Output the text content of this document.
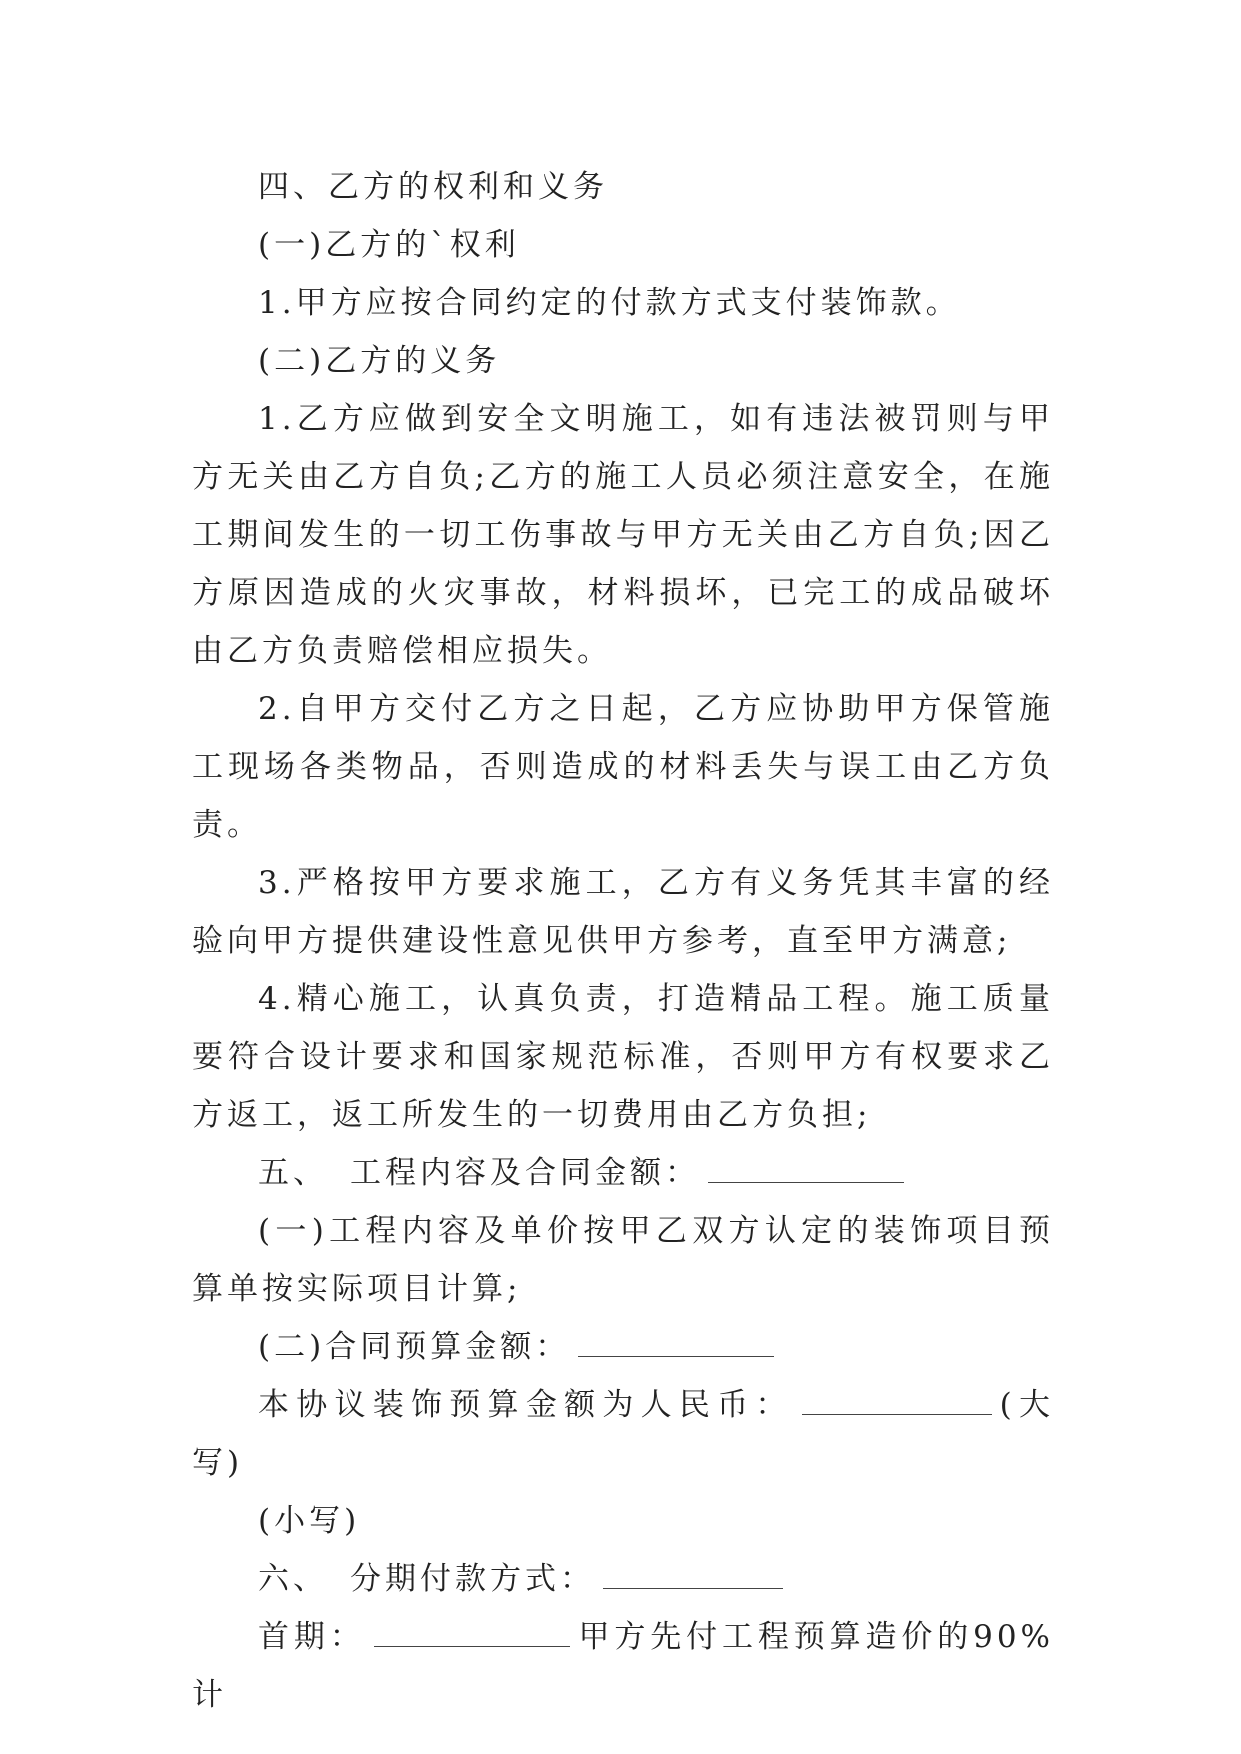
四、乙方的权利和义务

(一)乙方的`权利

1.甲方应按合同约定的付款方式支付装饰款。

(二)乙方的义务

1.乙方应做到安全文明施工，如有违法被罚则与甲方无关由乙方自负;乙方的施工人员必须注意安全，在施工期间发生的一切工伤事故与甲方无关由乙方自负;因乙方原因造成的火灾事故，材料损坏，已完工的成品破坏由乙方负责赔偿相应损失。

2.自甲方交付乙方之日起，乙方应协助甲方保管施工现场各类物品，否则造成的材料丢失与误工由乙方负责。

3.严格按甲方要求施工，乙方有义务凭其丰富的经验向甲方提供建设性意见供甲方参考，直至甲方满意;

4.精心施工，认真负责，打造精品工程。施工质量要符合设计要求和国家规范标准，否则甲方有权要求乙方返工，返工所发生的一切费用由乙方负担;

五、 工程内容及合同金额：

(一)工程内容及单价按甲乙双方认定的装饰项目预算单按实际项目计算;

(二)合同预算金额：

本协议装饰预算金额为人民币：	(大写)

(小写)

六、 分期付款方式：

首期：	甲方先付工程预算造价的90%计
